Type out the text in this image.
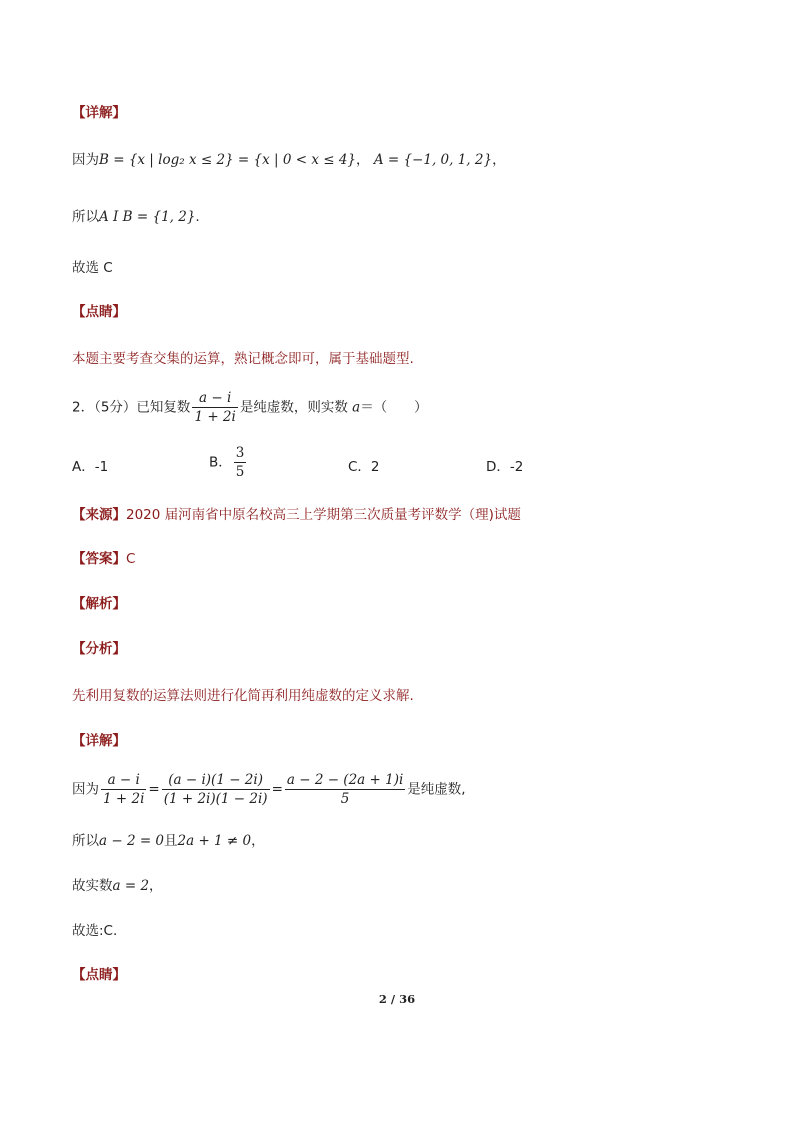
【详解】
因为B = {x | log₂ x ≤ 2} = {x | 0 < x ≤ 4}， A = {−1, 0, 1, 2}，
所以A I B = {1, 2}.
故选 C
【点睛】
本题主要考查交集的运算，熟记概念即可，属于基础题型.
2．（5分）已知复数 $\frac{a - i}{1 + 2i}$ 是纯虚数，则实数 a＝（　　）
A．-1	B． $\frac{3}{5}$	C．2	D．-2
【来源】2020 届河南省中原名校高三上学期第三次质量考评数学（理)试题
【答案】C
【解析】
【分析】
先利用复数的运算法则进行化简再利用纯虚数的定义求解.
【详解】
因为 $\frac{a - i}{1 + 2i} = \frac{(a - i)(1 - 2i)}{(1 + 2i)(1 - 2i)} = \frac{a - 2 - (2a + 1)i}{5}$ 是纯虚数,
所以a − 2 = 0且2a + 1 ≠ 0，
故实数a = 2，
故选:C.
【点睛】
2 / 36
